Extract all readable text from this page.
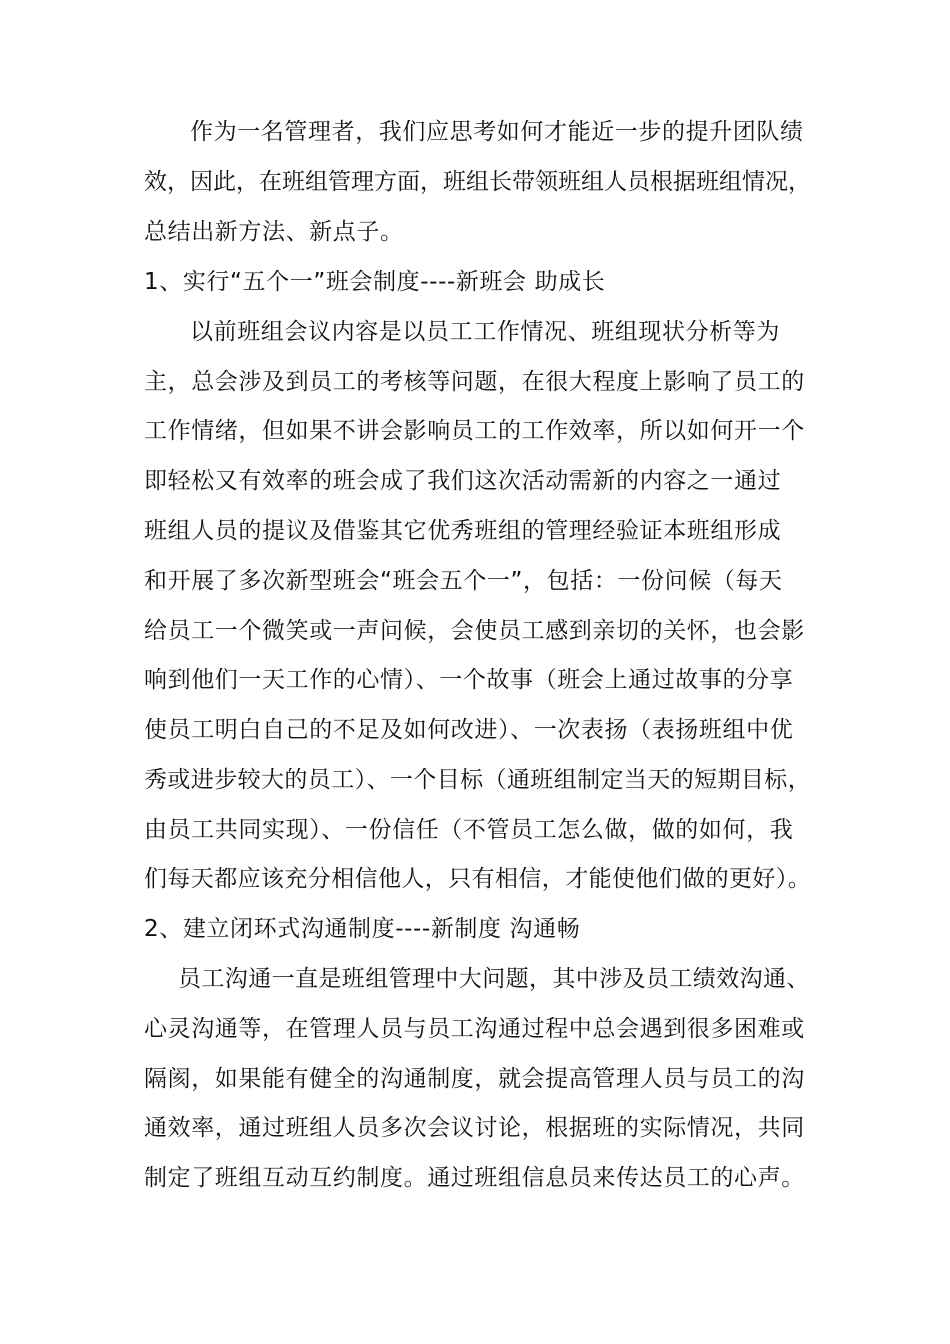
作为一名管理者，我们应思考如何才能近一步的提升团队绩
效，因此，在班组管理方面，班组长带领班组人员根据班组情况，
总结出新方法、新点子。
1、实行“五个一”班会制度----新班会 助成长
以前班组会议内容是以员工工作情况、班组现状分析等为
主，总会涉及到员工的考核等问题，在很大程度上影响了员工的
工作情绪，但如果不讲会影响员工的工作效率，所以如何开一个
即轻松又有效率的班会成了我们这次活动需新的内容之一通过
班组人员的提议及借鉴其它优秀班组的管理经验证本班组形成
和开展了多次新型班会“班会五个一”，包括：一份问候（每天
给员工一个微笑或一声问候，会使员工感到亲切的关怀，也会影
响到他们一天工作的心情）、一个故事（班会上通过故事的分享
使员工明白自己的不足及如何改进）、一次表扬（表扬班组中优
秀或进步较大的员工）、一个目标（通班组制定当天的短期目标，
由员工共同实现）、一份信任（不管员工怎么做，做的如何，我
们每天都应该充分相信他人，只有相信，才能使他们做的更好）。
2、建立闭环式沟通制度----新制度 沟通畅
员工沟通一直是班组管理中大问题，其中涉及员工绩效沟通、
心灵沟通等，在管理人员与员工沟通过程中总会遇到很多困难或
隔阂，如果能有健全的沟通制度，就会提高管理人员与员工的沟
通效率，通过班组人员多次会议讨论，根据班的实际情况，共同
制定了班组互动互约制度。通过班组信息员来传达员工的心声。
